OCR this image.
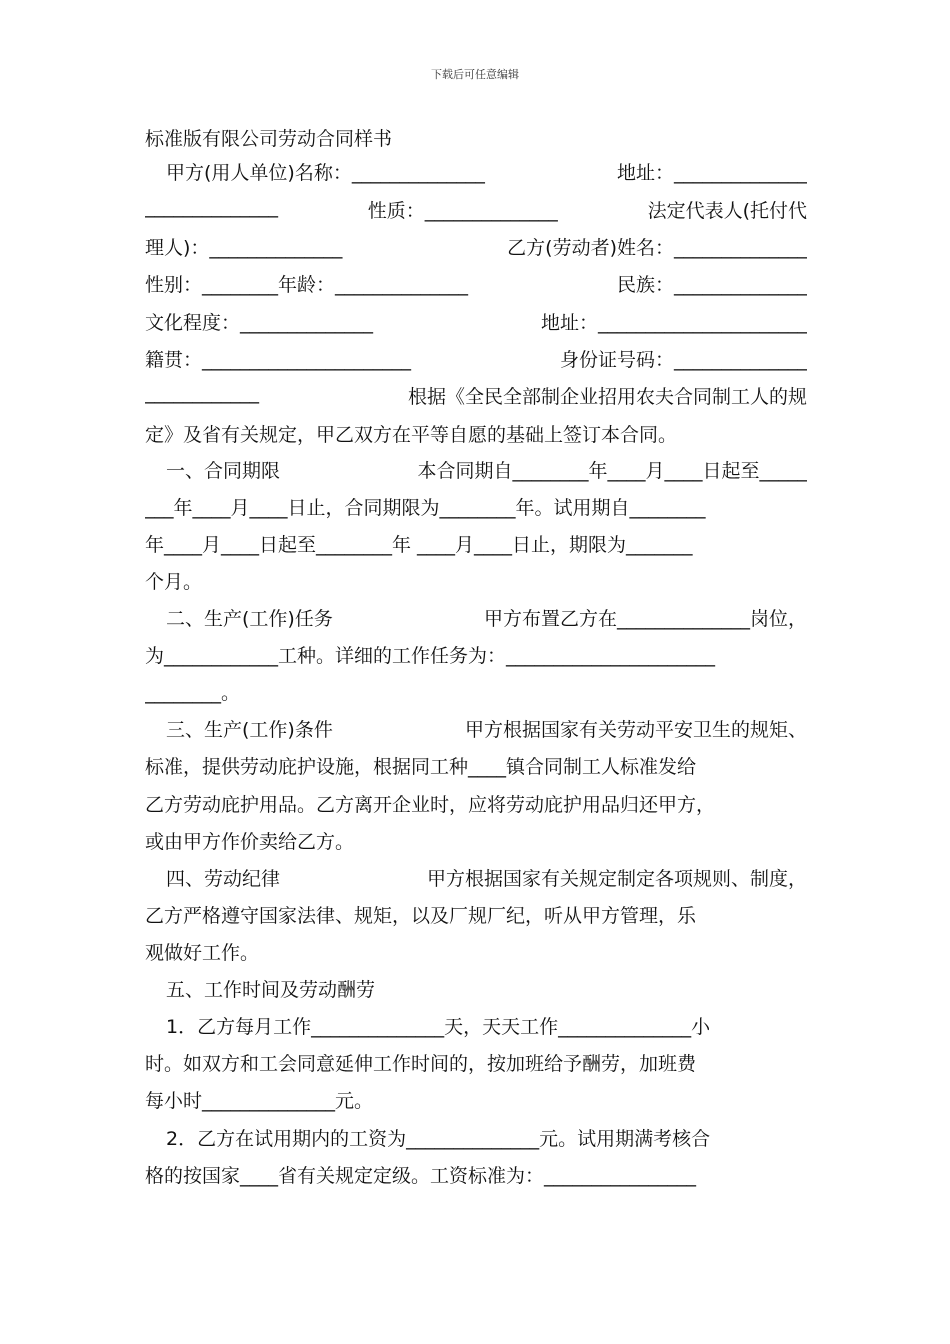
下载后可任意编辑
标准版有限公司劳动合同样书
甲方(用人单位)名称：______________	地址：______________
______________	性质：______________	法定代表人(托付代
理人)：______________	乙方(劳动者)姓名：______________
性别：________年龄：______________	民族：______________
文化程度：______________	地址：______________________
籍贯：______________________	身份证号码：______________
____________	根据《全民全部制企业招用农夫合同制工人的规
定》及省有关规定，甲乙双方在平等自愿的基础上签订本合同。
一、合同期限	本合同期自________年____月____日起至_____
___年____月____日止，合同期限为________年。试用期自________
年____月____日起至________年 ____月____日止，期限为_______
个月。
二、生产(工作)任务	甲方布置乙方在______________岗位，
为____________工种。详细的工作任务为：______________________
________。
三、生产(工作)条件	甲方根据国家有关劳动平安卫生的规矩、
标准，提供劳动庇护设施，根据同工种____镇合同制工人标准发给
乙方劳动庇护用品。乙方离开企业时，应将劳动庇护用品归还甲方，
或由甲方作价卖给乙方。
四、劳动纪律	甲方根据国家有关规定制定各项规则、制度，
乙方严格遵守国家法律、规矩，以及厂规厂纪，听从甲方管理，乐
观做好工作。
五、工作时间及劳动酬劳
1．乙方每月工作______________天，天天工作______________小
时。如双方和工会同意延伸工作时间的，按加班给予酬劳，加班费
每小时______________元。
2．乙方在试用期内的工资为______________元。试用期满考核合
格的按国家____省有关规定定级。工资标准为：________________
